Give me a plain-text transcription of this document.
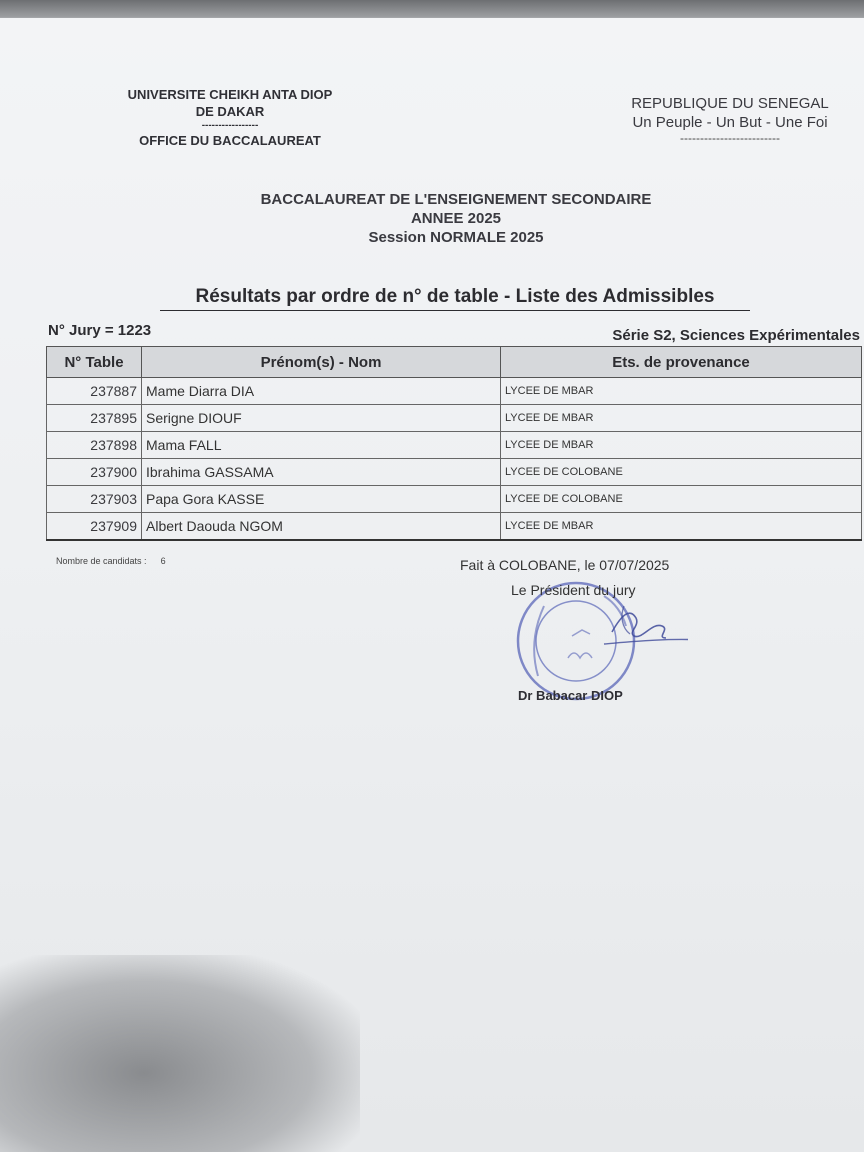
UNIVERSITE CHEIKH ANTA DIOP
DE DAKAR
-----------------
OFFICE DU BACCALAUREAT
REPUBLIQUE DU SENEGAL
Un Peuple - Un But - Une Foi
-------------------------
BACCALAUREAT DE L'ENSEIGNEMENT SECONDAIRE
ANNEE 2025
Session NORMALE 2025
Résultats par ordre de n° de table - Liste des Admissibles
N° Jury = 1223	Série S2, Sciences Expérimentales
N° Table	Prénom(s) - Nom	Ets. de provenance
237887	Mame Diarra DIA	LYCEE DE MBAR
237895	Serigne DIOUF	LYCEE DE MBAR
237898	Mama FALL	LYCEE DE MBAR
237900	Ibrahima GASSAMA	LYCEE DE COLOBANE
237903	Papa Gora KASSE	LYCEE DE COLOBANE
237909	Albert Daouda NGOM	LYCEE DE MBAR
Nombre de candidats : 6	Fait à COLOBANE, le 07/07/2025
Le Président du jury
Dr Babacar DIOP
